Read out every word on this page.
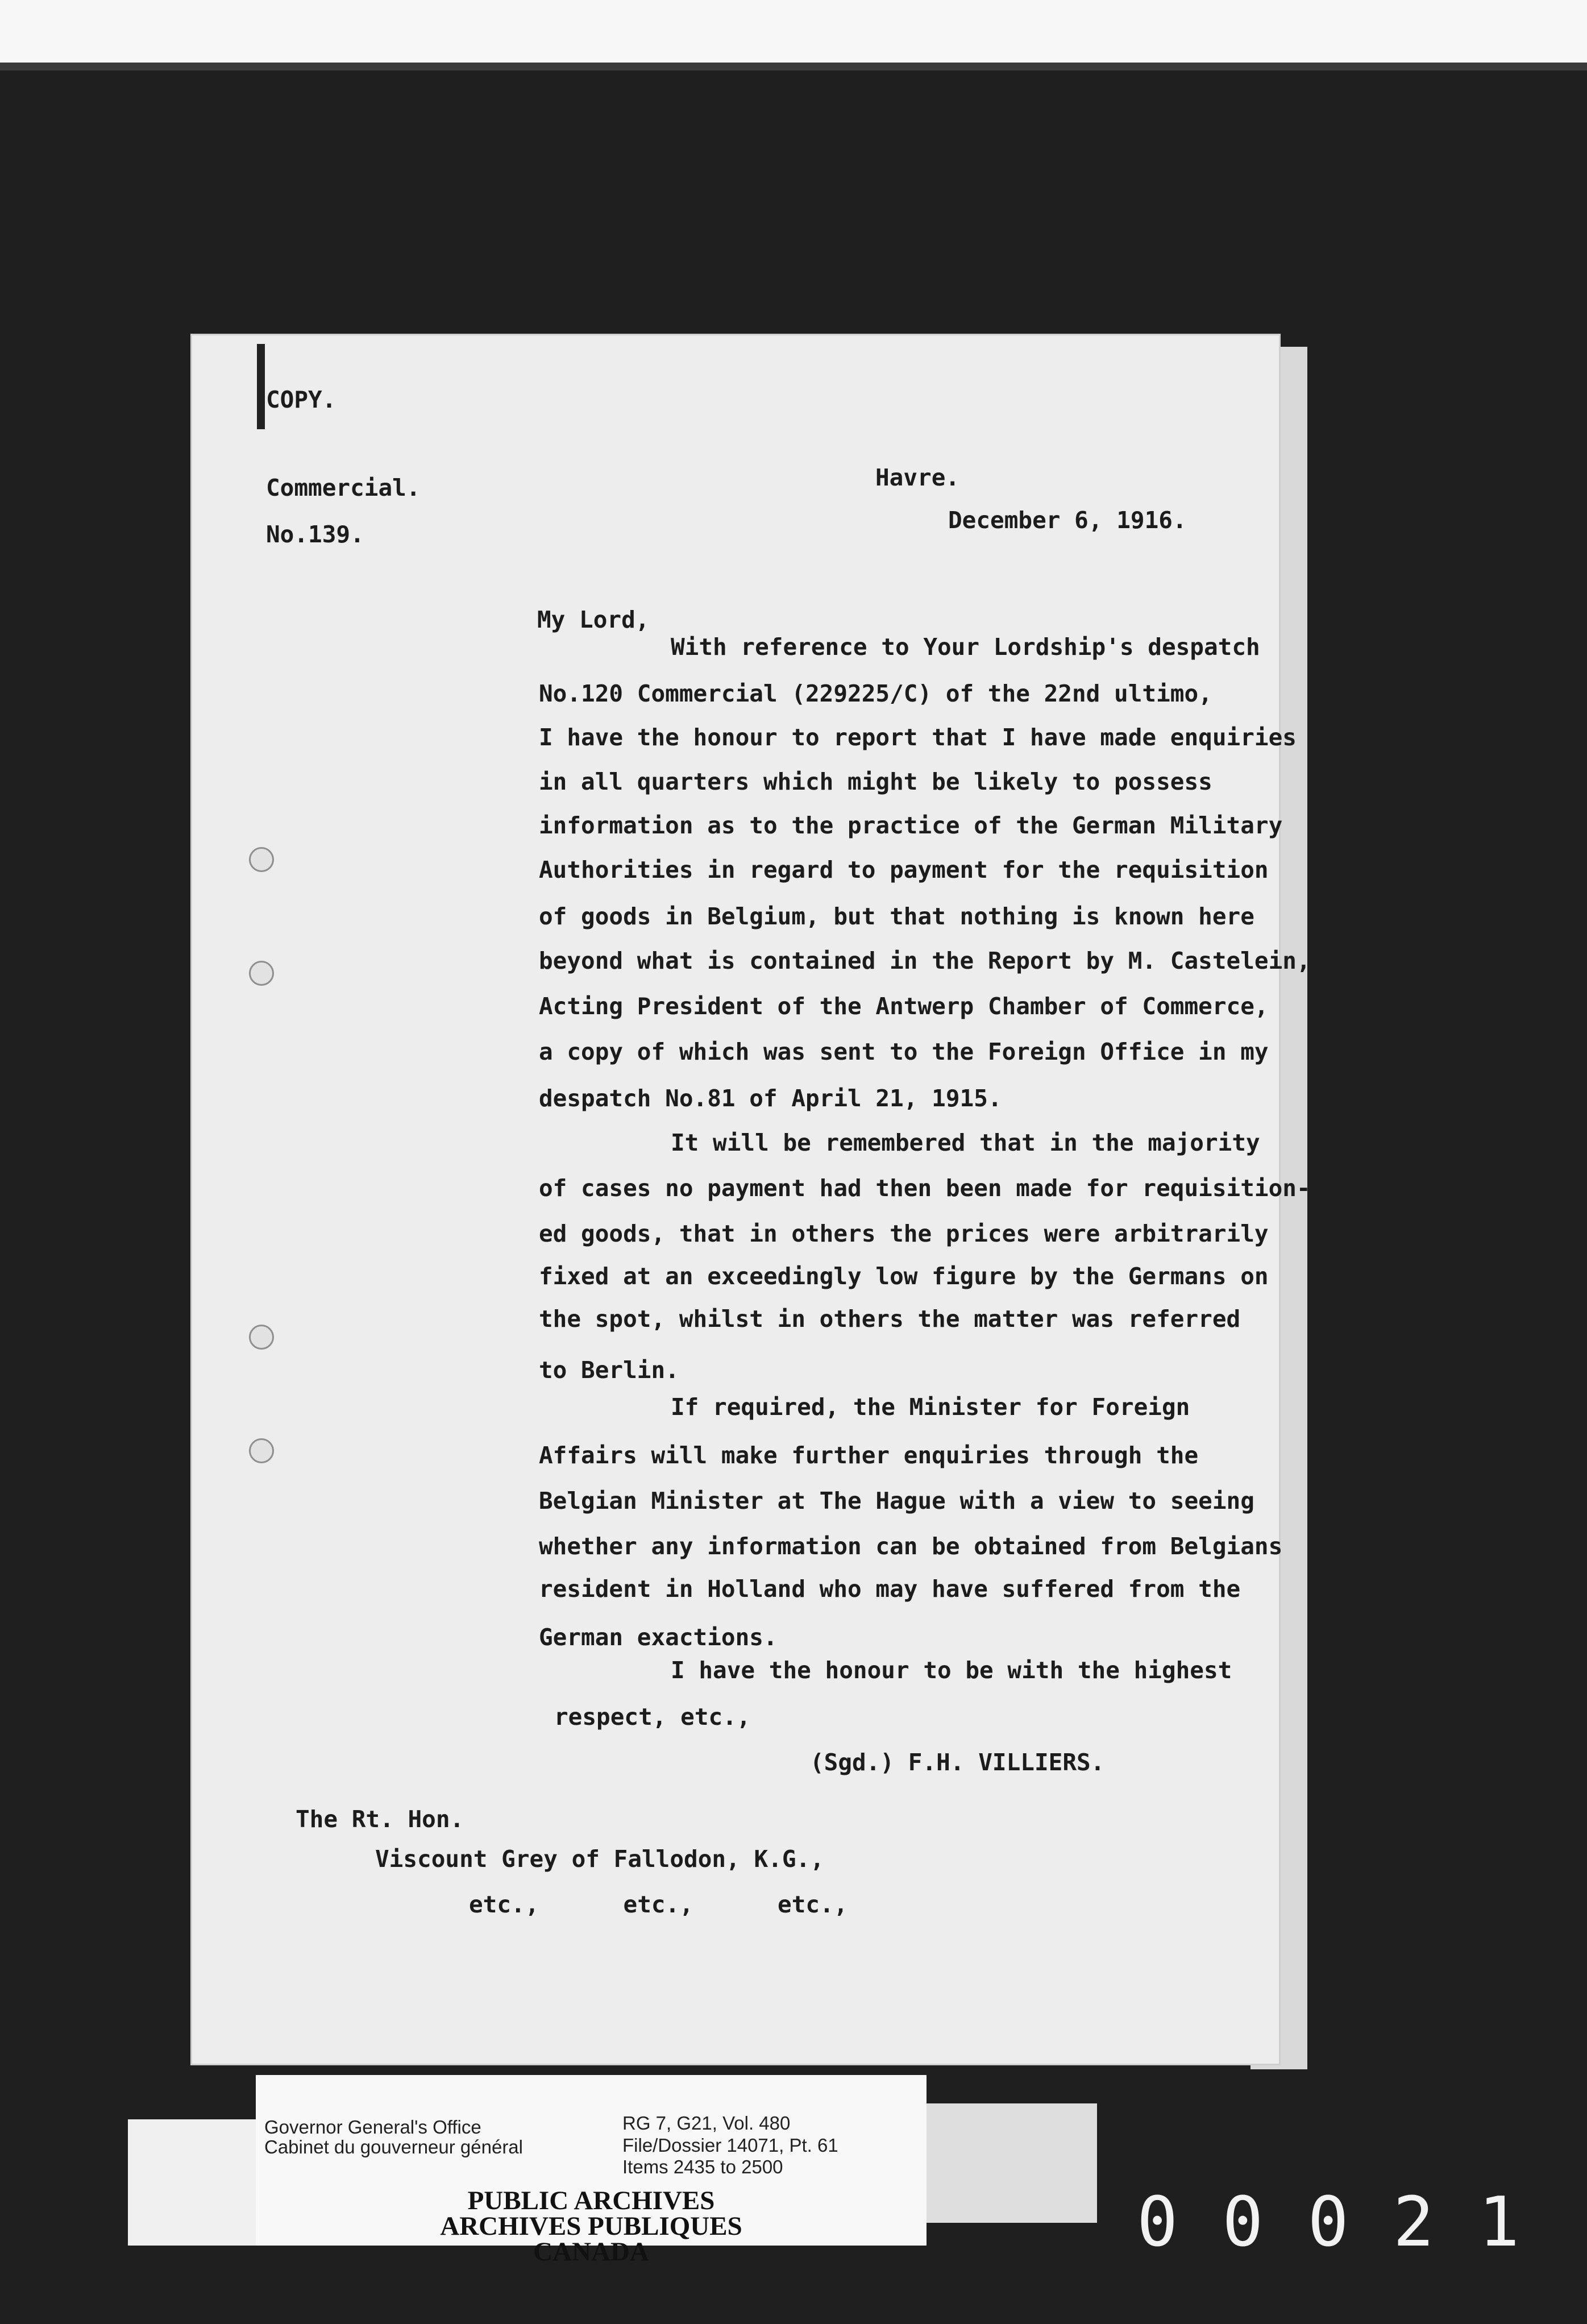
COPY.

Commercial.

No.139.

Havre.

December 6, 1916.

My Lord,

With reference to Your Lordship's despatch

No.120 Commercial (229225/C) of the 22nd ultimo,

I have the honour to report that I have made enquiries

in all quarters which might be likely to possess

information as to the practice of the German Military

Authorities in regard to payment for the requisition

of goods in Belgium, but that nothing is known here

beyond what is contained in the Report by M. Castelein,

Acting President of the Antwerp Chamber of Commerce,

a copy of which was sent to the Foreign Office in my

despatch No.81 of April 21, 1915.

It will be remembered that in the majority

of cases no payment had then been made for requisition-

ed goods, that in others the prices were arbitrarily

fixed at an exceedingly low figure by the Germans on

the spot, whilst in others the matter was referred

to Berlin.

If required, the Minister for Foreign

Affairs will make further enquiries through the

Belgian Minister at The Hague with a view to seeing

whether any information can be obtained from Belgians

resident in Holland who may have suffered from the

German exactions.

I have the honour to be with the highest

respect, etc.,

(Sgd.) F.H. VILLIERS.

The Rt. Hon.

Viscount Grey of Fallodon, K.G.,

etc.,      etc.,      etc.,

Governor General's Office

Cabinet du gouverneur général

RG 7, G21, Vol. 480

File/Dossier 14071, Pt. 61

Items 2435 to 2500

PUBLIC ARCHIVES

ARCHIVES PUBLIQUES

CANADA	00021
